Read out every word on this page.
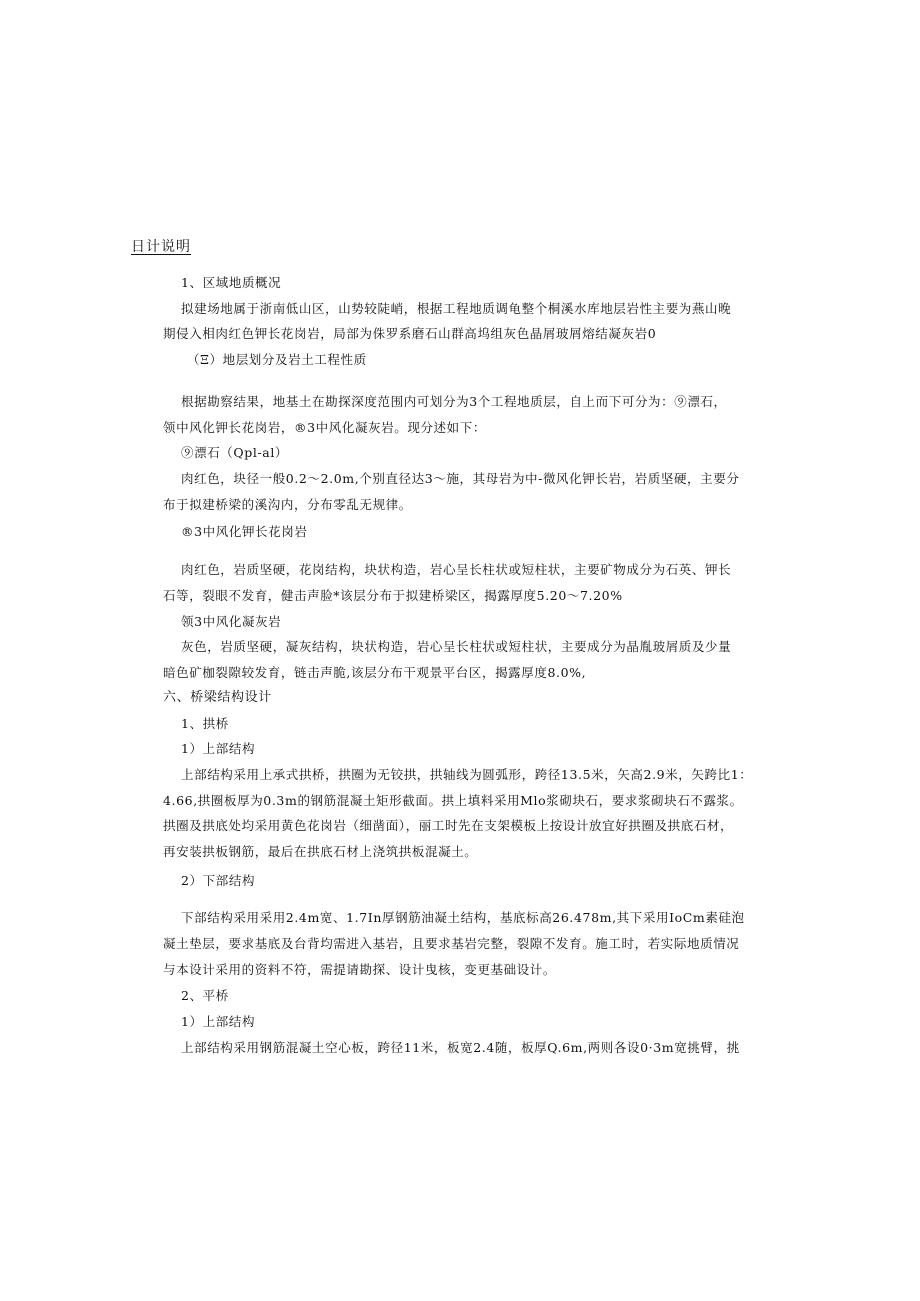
日计说明
1、区域地质概况
拟建场地属于浙南低山区，山势较陡峭，根据工程地质调龟整个桐溪水库地层岩性主要为燕山晚
期侵入相肉红色钾长花岗岩，局部为侏罗系磨石山群高坞组灰色晶屑玻屑熔结凝灰岩0
（Ξ）地层划分及岩土工程性质
根据勘察结果，地基土在勘探深度范围内可划分为3个工程地质层，自上而下可分为：⑨漂石，
领中风化钾长花岗岩，®3中风化凝灰岩。现分述如下：
⑨漂石（Qpl-al）
肉红色，块径一般0.2～2.0m,个别直径达3～施，其母岩为中-微风化钾长岩，岩质坚硬，主要分
布于拟建桥梁的溪沟内，分布零乱无规律。
®3中风化钾长花岗岩
肉红色，岩质坚硬，花岗结构，块状构造，岩心呈长柱状或短柱状，主要矿物成分为石英、钾长
石等，裂眼不发育，健击声脸*该层分布于拟建桥梁区，揭露厚度5.20～7.20%
领3中风化凝灰岩
灰色，岩质坚硬，凝灰结构，块状构造，岩心呈长柱状或短柱状，主要成分为晶胤玻屑质及少量
暗色矿枷裂隙较发育，链击声脆,该层分布干观景平台区，揭露厚度8.0%,
六、桥梁结构设计
1、拱桥
1）上部结构
上部结构采用上承式拱桥，拱圈为无铰拱，拱轴线为圆弧形，跨径13.5米，矢高2.9米，矢跨比1：
4.66,拱圈板厚为0.3m的钢筋混凝土矩形截面。拱上填料采用Mlo浆砌块石，要求浆砌块石不露浆。
拱圈及拱底处均采用黄色花岗岩（细凿面），丽工时先在支架模板上按设计放宜好拱圈及拱底石材，
再安装拱板钢筋，最后在拱底石材上浇筑拱板混凝土。
2）下部结构
下部结构采用采用2.4m宽、1.7In厚钢筋油凝土结构，基底标高26.478m,其下采用IoCm素硅泡
凝土垫层，要求基底及台背均需进入基岩，且要求基岩完整，裂隙不发育。施工时，若实际地质情况
与本设计采用的资料不符，需提请勘探、设计曳核，变更基础设计。
2、平桥
1）上部结构
上部结构采用钢筋混凝土空心板，跨径11米，板宽2.4随，板厚Q.6m,两则各设0·3m宽挑臂，挑
